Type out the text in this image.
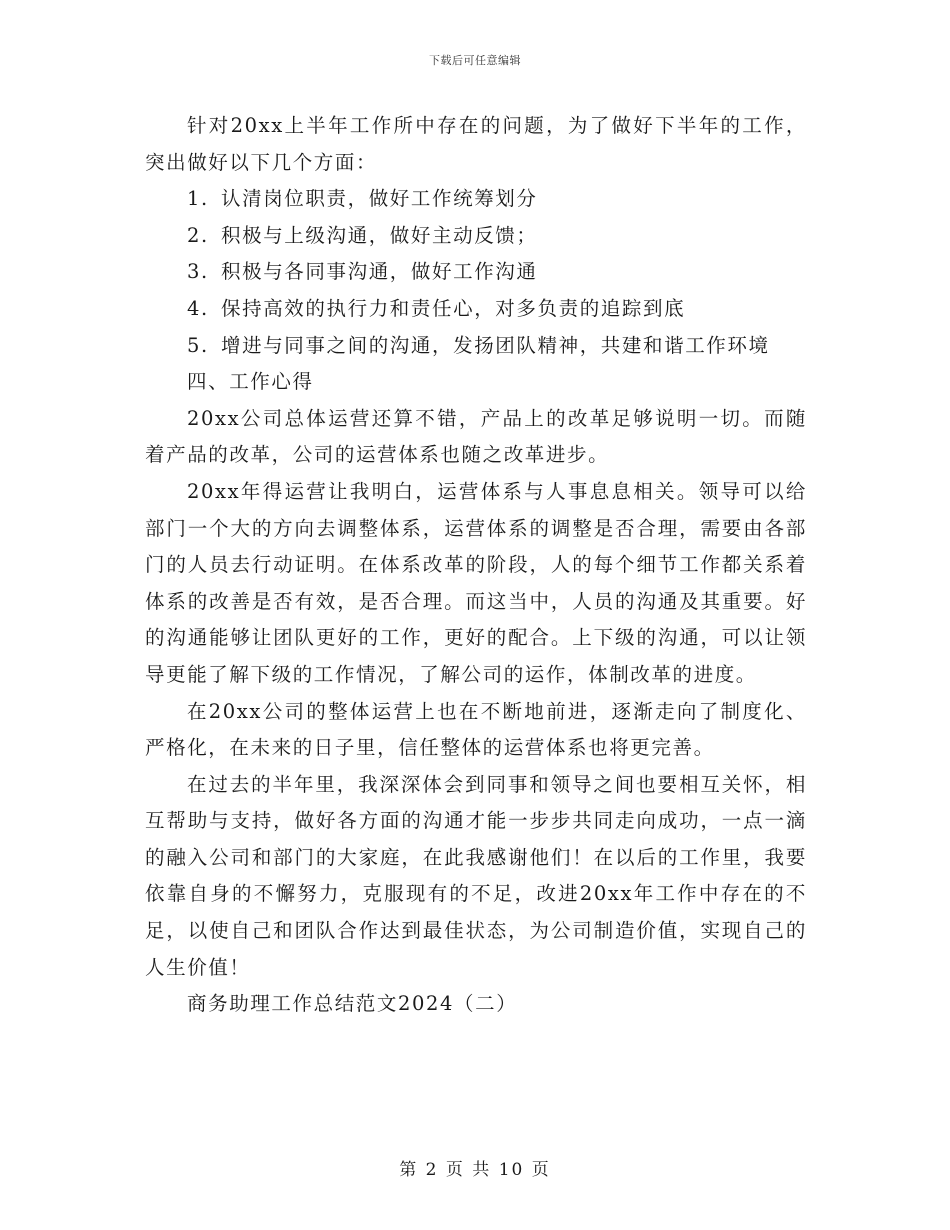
下载后可任意编辑

针对20xx上半年工作所中存在的问题，为了做好下半年的工作，突出做好以下几个方面：

1. 认清岗位职责，做好工作统筹划分
2. 积极与上级沟通，做好主动反馈；
3. 积极与各同事沟通，做好工作沟通
4. 保持高效的执行力和责任心，对多负责的追踪到底
5. 增进与同事之间的沟通，发扬团队精神，共建和谐工作环境

四、工作心得

20xx公司总体运营还算不错，产品上的改革足够说明一切。而随着产品的改革，公司的运营体系也随之改革进步。

20xx年得运营让我明白，运营体系与人事息息相关。领导可以给部门一个大的方向去调整体系，运营体系的调整是否合理，需要由各部门的人员去行动证明。在体系改革的阶段，人的每个细节工作都关系着体系的改善是否有效，是否合理。而这当中，人员的沟通及其重要。好的沟通能够让团队更好的工作，更好的配合。上下级的沟通，可以让领导更能了解下级的工作情况，了解公司的运作，体制改革的进度。

在20xx公司的整体运营上也在不断地前进，逐渐走向了制度化、严格化，在未来的日子里，信任整体的运营体系也将更完善。

在过去的半年里，我深深体会到同事和领导之间也要相互关怀，相互帮助与支持，做好各方面的沟通才能一步步共同走向成功，一点一滴的融入公司和部门的大家庭，在此我感谢他们！在以后的工作里，我要依靠自身的不懈努力，克服现有的不足，改进20xx年工作中存在的不足，以使自己和团队合作达到最佳状态，为公司制造价值，实现自己的人生价值！

商务助理工作总结范文2024（二）

第 2 页 共 10 页
